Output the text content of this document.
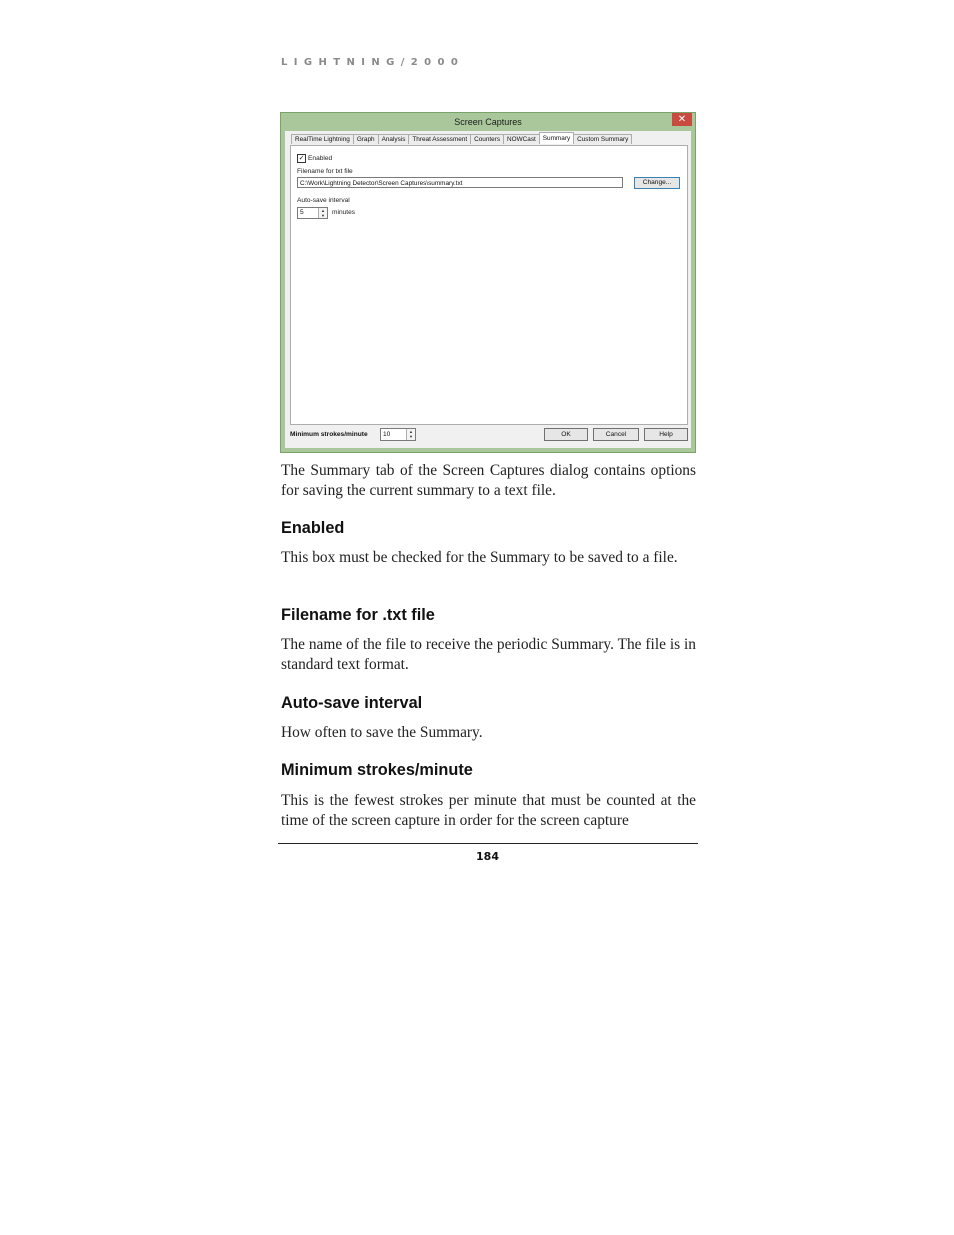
LIGHTNING/2000
Screen Captures	✕
RealTime Lightning	Graph	Analysis	Threat Assessment	Counters	NOWCast	Summary	Custom Summary
✓ Enabled
Filename for txt file
C:\Work\Lightning Detector\Screen Captures\summary.txt	Change...
Auto-save interval
5	▲
▼	minutes
Minimum strokes/minute	10	▲
▼	OK	Cancel	Help

The Summary tab of the Screen Captures dialog contains options for saving the current summary to a text file.

Enabled

This box must be checked for the Summary to be saved to a file.

Filename for .txt file

The name of the file to receive the periodic Summary. The file is in standard text format.

Auto-save interval

How often to save the Summary.

Minimum strokes/minute

This is the fewest strokes per minute that must be counted at the time of the screen capture in order for the screen capture

184
